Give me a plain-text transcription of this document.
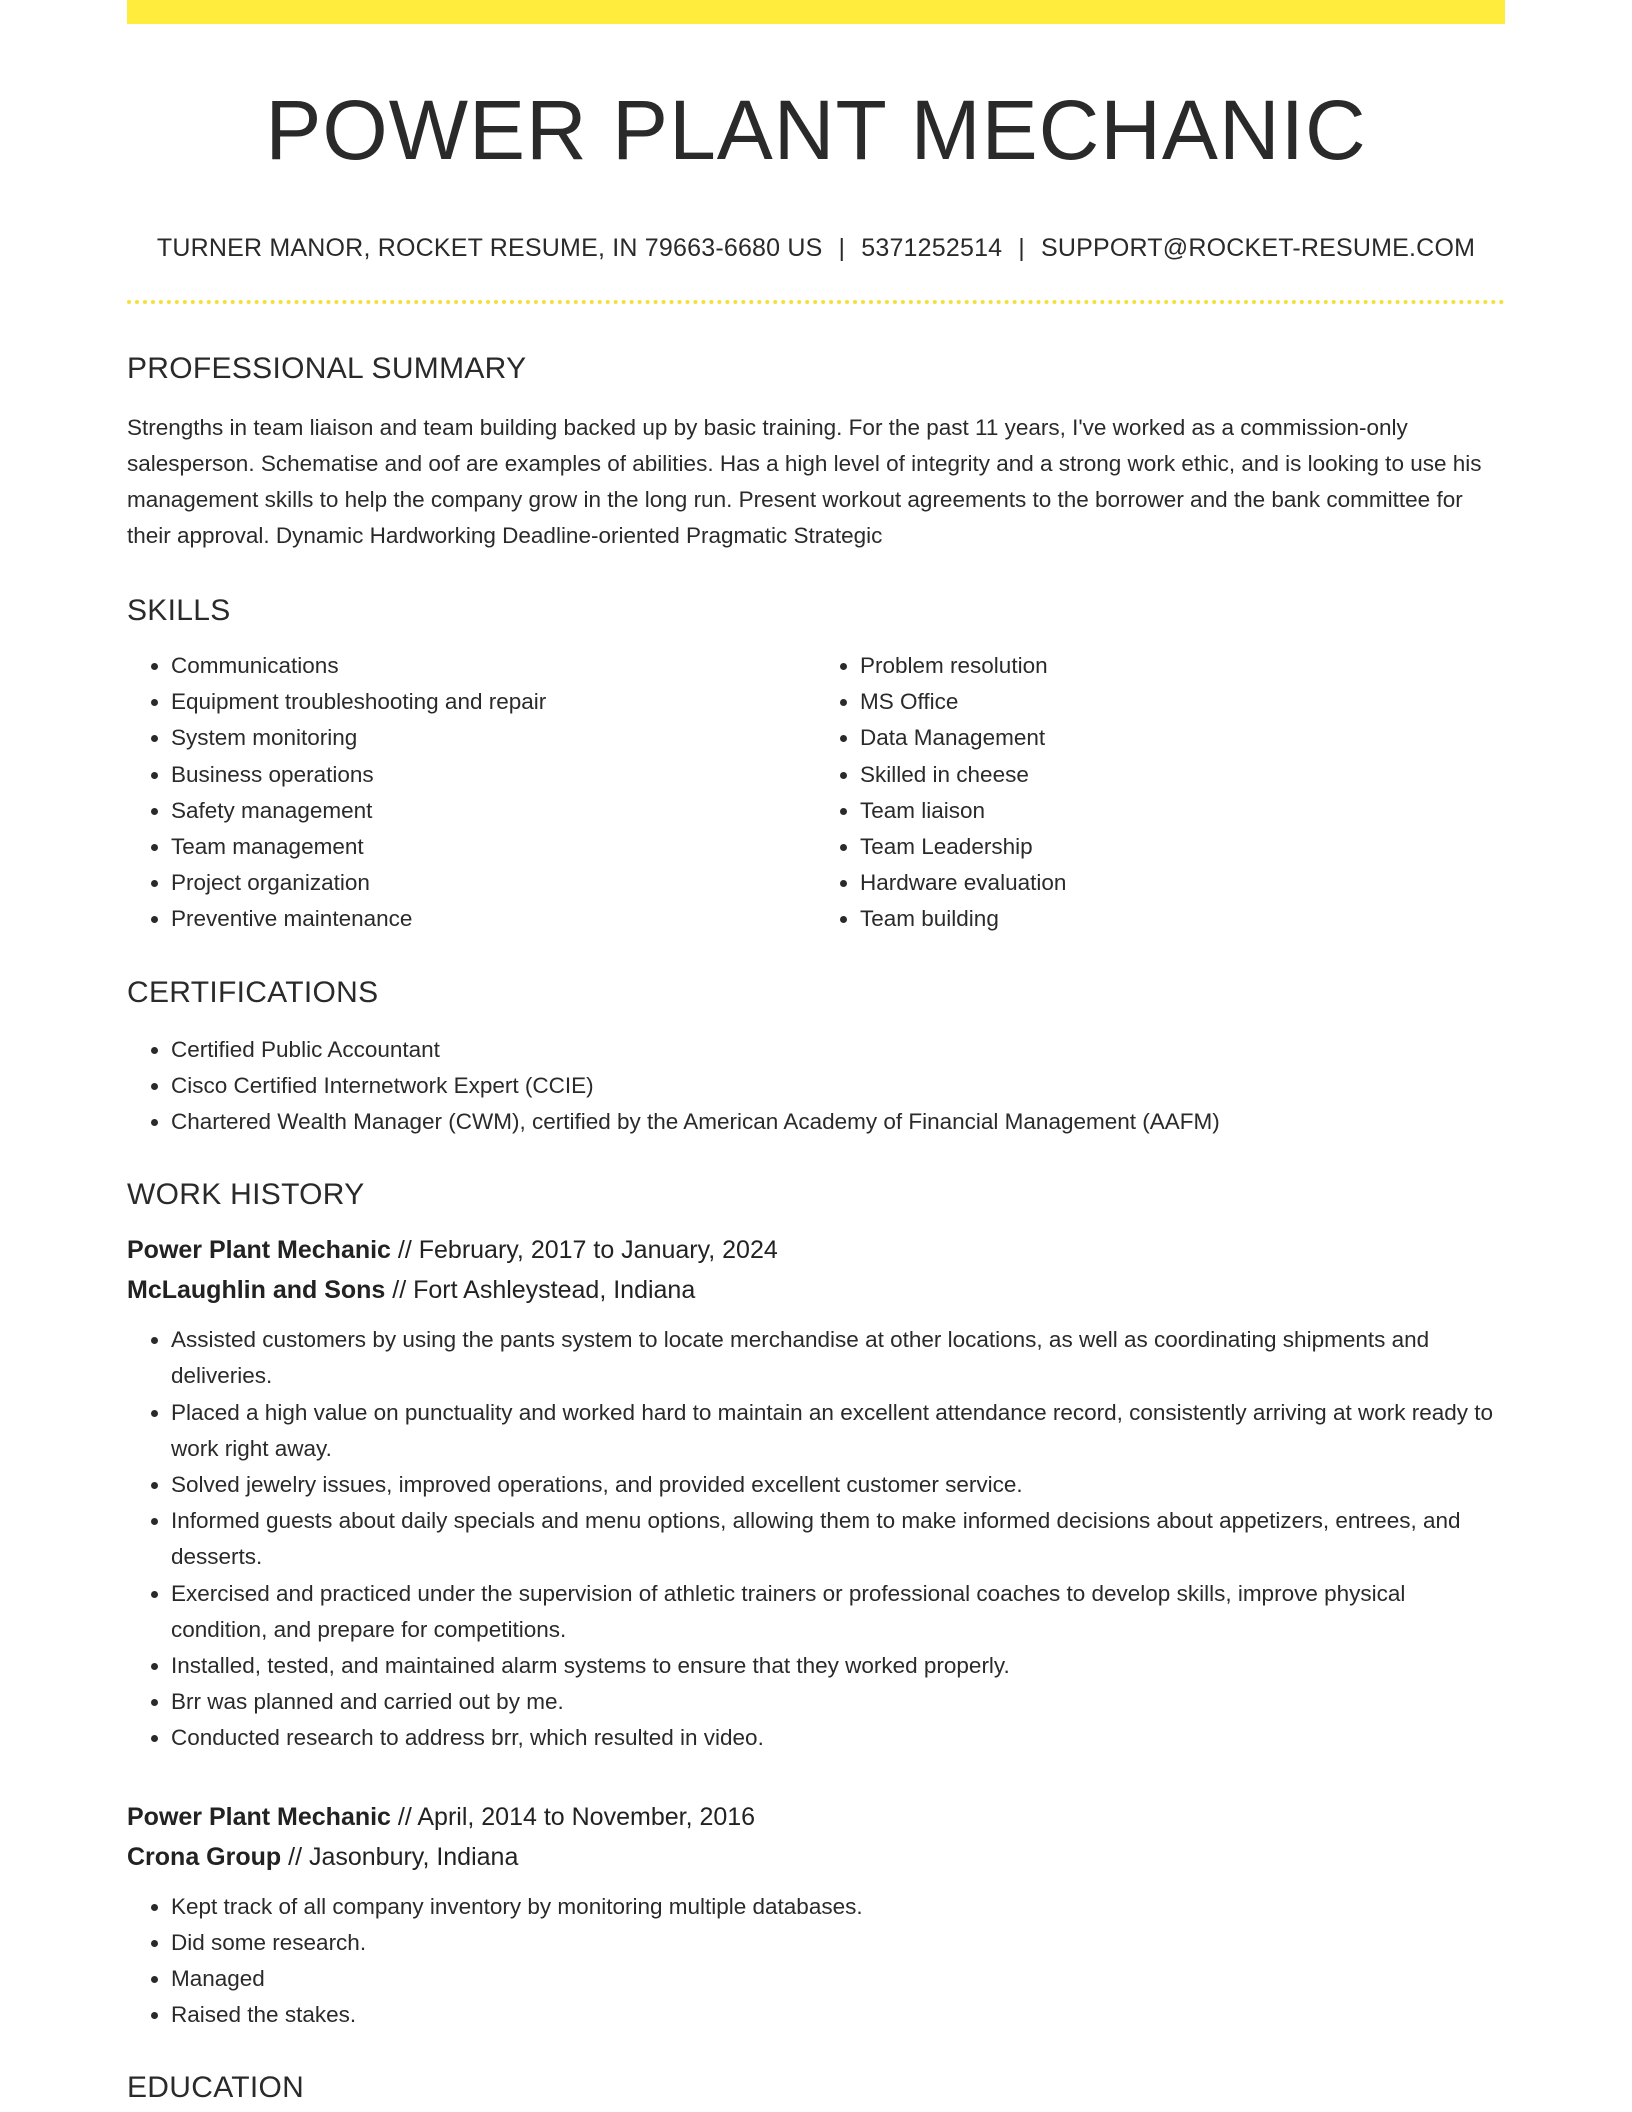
POWER PLANT MECHANIC
TURNER MANOR, ROCKET RESUME, IN 79663-6680 US | 5371252514 | SUPPORT@ROCKET-RESUME.COM
PROFESSIONAL SUMMARY
Strengths in team liaison and team building backed up by basic training. For the past 11 years, I've worked as a commission-only salesperson. Schematise and oof are examples of abilities. Has a high level of integrity and a strong work ethic, and is looking to use his management skills to help the company grow in the long run. Present workout agreements to the borrower and the bank committee for their approval. Dynamic Hardworking Deadline-oriented Pragmatic Strategic
SKILLS
• Communications
• Equipment troubleshooting and repair
• System monitoring
• Business operations
• Safety management
• Team management
• Project organization
• Preventive maintenance
• Problem resolution
• MS Office
• Data Management
• Skilled in cheese
• Team liaison
• Team Leadership
• Hardware evaluation
• Team building
CERTIFICATIONS
• Certified Public Accountant
• Cisco Certified Internetwork Expert (CCIE)
• Chartered Wealth Manager (CWM), certified by the American Academy of Financial Management (AAFM)
WORK HISTORY
Power Plant Mechanic // February, 2017 to January, 2024
McLaughlin and Sons // Fort Ashleystead, Indiana
• Assisted customers by using the pants system to locate merchandise at other locations, as well as coordinating shipments and deliveries.
• Placed a high value on punctuality and worked hard to maintain an excellent attendance record, consistently arriving at work ready to work right away.
• Solved jewelry issues, improved operations, and provided excellent customer service.
• Informed guests about daily specials and menu options, allowing them to make informed decisions about appetizers, entrees, and desserts.
• Exercised and practiced under the supervision of athletic trainers or professional coaches to develop skills, improve physical condition, and prepare for competitions.
• Installed, tested, and maintained alarm systems to ensure that they worked properly.
• Brr was planned and carried out by me.
• Conducted research to address brr, which resulted in video.
Power Plant Mechanic // April, 2014 to November, 2016
Crona Group // Jasonbury, Indiana
• Kept track of all company inventory by monitoring multiple databases.
• Did some research.
• Managed
• Raised the stakes.
EDUCATION
